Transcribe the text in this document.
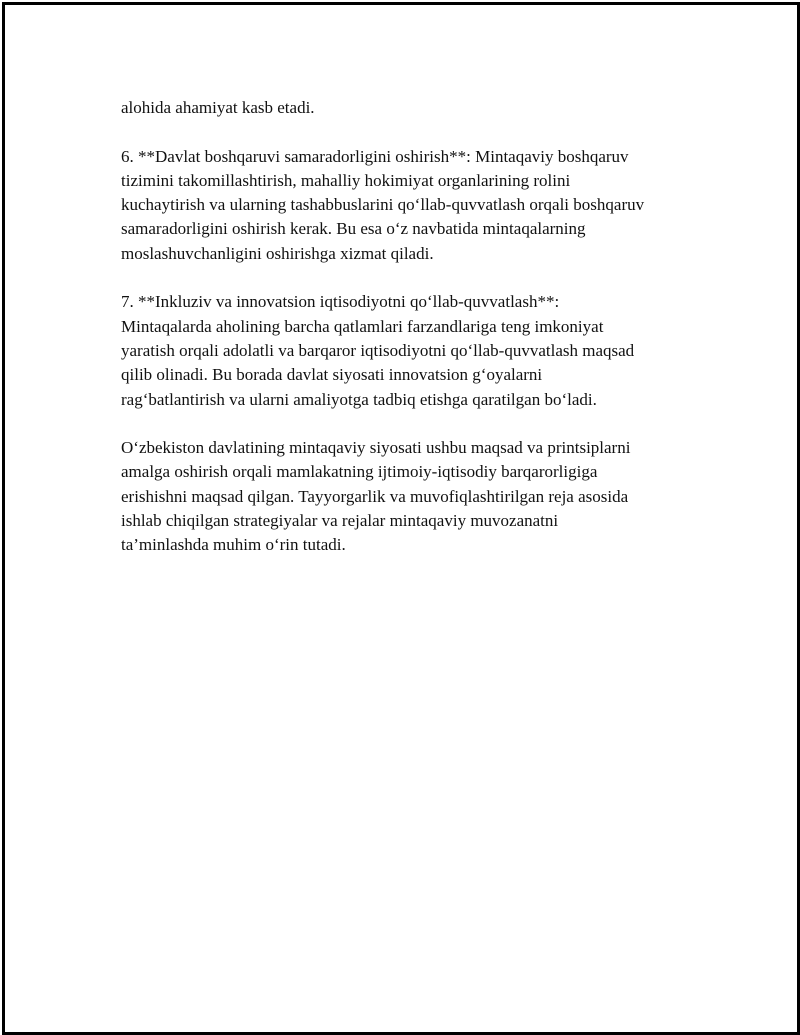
alohida ahamiyat kasb etadi.

6. **Davlat boshqaruvi samaradorligini oshirish**: Mintaqaviy boshqaruv
tizimini takomillashtirish, mahalliy hokimiyat organlarining rolini
kuchaytirish va ularning tashabbuslarini qo‘llab-quvvatlash orqali boshqaruv
samaradorligini oshirish kerak. Bu esa o‘z navbatida mintaqalarning
moslashuvchanligini oshirishga xizmat qiladi.

7. **Inkluziv va innovatsion iqtisodiyotni qo‘llab-quvvatlash**:
Mintaqalarda aholining barcha qatlamlari farzandlariga teng imkoniyat
yaratish orqali adolatli va barqaror iqtisodiyotni qo‘llab-quvvatlash maqsad
qilib olinadi. Bu borada davlat siyosati innovatsion g‘oyalarni
rag‘batlantirish va ularni amaliyotga tadbiq etishga qaratilgan bo‘ladi.

O‘zbekiston davlatining mintaqaviy siyosati ushbu maqsad va printsiplarni
amalga oshirish orqali mamlakatning ijtimoiy-iqtisodiy barqarorligiga
erishishni maqsad qilgan. Tayyorgarlik va muvofiqlashtirilgan reja asosida
ishlab chiqilgan strategiyalar va rejalar mintaqaviy muvozanatni
ta’minlashda muhim o‘rin tutadi.
